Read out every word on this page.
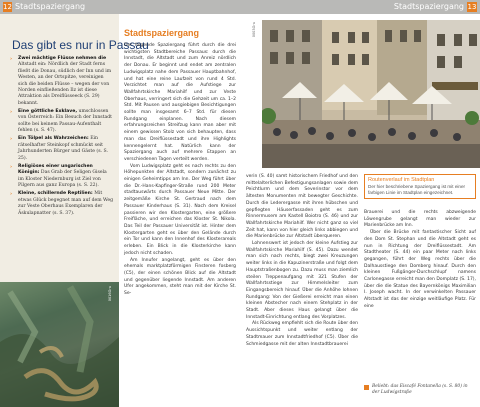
12 Stadtspaziergang
Das gibt es nur in Passau
› Zwei mächtige Flüsse nehmen die Altstadt ein: Nördlich der Stadt ferns fließt die Donau, südlich der Inn und im Westen, an der Ortspitze, vereinigen sich die beiden Flüsse – wegen der von Norden einfließenden Ilz ist diese Attraktion als Dreiflüsseeck (S. 29) bekannt.
› Eine göttliche Exklave, umschlossen von Österreich: Ein Besuch der Innstadt sollte bei keinem Passau-Aufenthalt fehlen (s. S. 47).
› Ein Tölpel als Wahrzeichen: Ein rätselhafter Steinkopf schmückt seit Jahrhunderten Bürger und Gäste (s. S. 25).
› Religiöses einer ungarischen Königin: Das Grab der Seligen Gisela im Kloster Niedernburg ist Ziel von Pilgern aus ganz Europa (s. S. 22).
› Kleine, schillernde Reptilien: Mit etwas Glück begegnet man auf dem Weg zur Veste Oberhaus Exemplaren der Äskulapnatter (s. S. 37).
0016Gru
Stadtspaziergang

Der folgende Spaziergang führt durch die drei wichtigsten Stadtbereiche Passaus: durch die Innstadt, die Altstadt und zum Anreiz nördlich der Donau. Er beginnt und endet am zentralen Ludwigsplatz nahe dem Passauer Hauptbahnhof, und hat eine reine Laufzeit von rund 4 Std. Verzichtet man auf die Aufstiege zur Wallfahrtskirche Mariahilf und zur Veste Oberhaus, verringert sich die Gehzeit um ca. 1–2 Std. Mit Pausen und ausgiebigen Besichtigungen sollte man insgesamt 6–7 Std. für diesen Rundgang einplanen. Nach diesem erfahrungsreichen Streifzug kann man aber mit einem gewissen Stolz von sich behaupten, dass man das Dreiflüssestadt und ihre Highlights kennengelernt hat. Natürlich kann der Spaziergang auch auf mehrere Etappen an verschiedenen Tagen verteilt werden.

Vom Ludwigsplatz geht es nach rechts zu den Höhepunkten der Altstadt, sondern zunächst zu einigen Geheimtipps am Inn. Der Weg führt über die Dr.-Hans-Kapfinger-Straße rund 200 Meter stadtauswärts durch Passauer Neue Mitte. Der zeitgemäße Kirche St. Gertraud nach dem Passauer Kinderhaus (S. 31). Nach dem Kreisel passieren wir den Klostergarten, eine größere Freifläche, und erreichen das Kloster St. Nikola. Das Teil der Passauer Universität ist. Hinter dem Klostergarten geht es über den Gelände durch ein Tor und kann den Innenhof des Klosterareals erleben. Ein Blick in die Klosterkirche kann jedoch nicht schaden.

Am Innufer angelangt, geht es über den ehemals marktplatzförmigen Finsteren fosberg (C5), der einen schönen Blick auf die Altstadt und gegenüber liegende Innstadt. Am anderen Ufer angekommen, steht man mit der Kirche St. Se-

Stadtspaziergang 13
0003Gru

verin (S. 40) samt historischem Friedhof und den mittelalterlichen Befestigungsanlagen sowie dem Peichtlurm und dem Severinstor vor dem ältesten Monumenten mit bewegter Geschichte. Durch die Lederergasse mit ihren hübschen und gepflegten Häuserfassaden geht es zum Rinnermusem am Kastell Boiotro (S. 46) und zur Wallfahrtskirche Mariahilf. Wer nicht ganz so viel Zeit hat, kann von hier gleich links abbiegen und die Marienbrücke zur Altstadt überqueren.

Lohnenswert ist jedoch der kleine Aufstieg zur Wallfahrtskirche Mariahilf (S. 45). Dazu wendet man sich nach rechts, biegt zwei Kreuzungen weiter links in die Kapuzinerstraße und folgt dem Hauptstraßenbogen zu. Dazu muss man ziemlich steilen Treppenaufgang mit 321 Stufen der Wallfahrtsstiege zur Himmelsleiter zum Eingangsbereich hinauf. Über die Anhöhe lohnen Rundgang: Von der Gießerei erreicht man einen kleinen Abstecher nach einem Stehplatz in der Stadt. Aber dieses Haus gelangt über die Innstadt-Einrichtung entlang des Vorplatzes.

Als Rückweg empfiehlt sich die Route über den Aussichtspunkt und weiter entlang der Stadtmauer zum Innstadtfriedhof (C5). Über die Schmiedgasse mit der alten Innstadtbrauerei

Routenverlauf im Stadtplan
Der hier beschriebene Spaziergang ist mit einer farbigen Linie im Stadtplan eingezeichnet.

Brauerei und die rechts abzweigende Löwengrube gelangt man wieder zur Marienbrücke am Inn.

Über die Brücke mit fantastischer Sicht auf den Dom St. Stephan und die Altstadt geht es nun in Richtung der Dreiflüssestadt. Am Stadtheater (S. 44) ein paar Meter nach links gegangen, führt der Weg rechts über die Dalhausstiege den Domberg hinauf. Durch den kleinen Fußgänger-Durchschlupf namens Carlonegasse erreicht man den Domplatz (S. 17), über die die Statue des Bayernkönigs Maximilian I. Joseph wacht. In der verwinkelten Passauer Altstadt ist das der einzige weitläufige Platz. Für eine

Beliebt: das Eiscafé Fontanella (s. S. 80) in der Ludwigstraße
